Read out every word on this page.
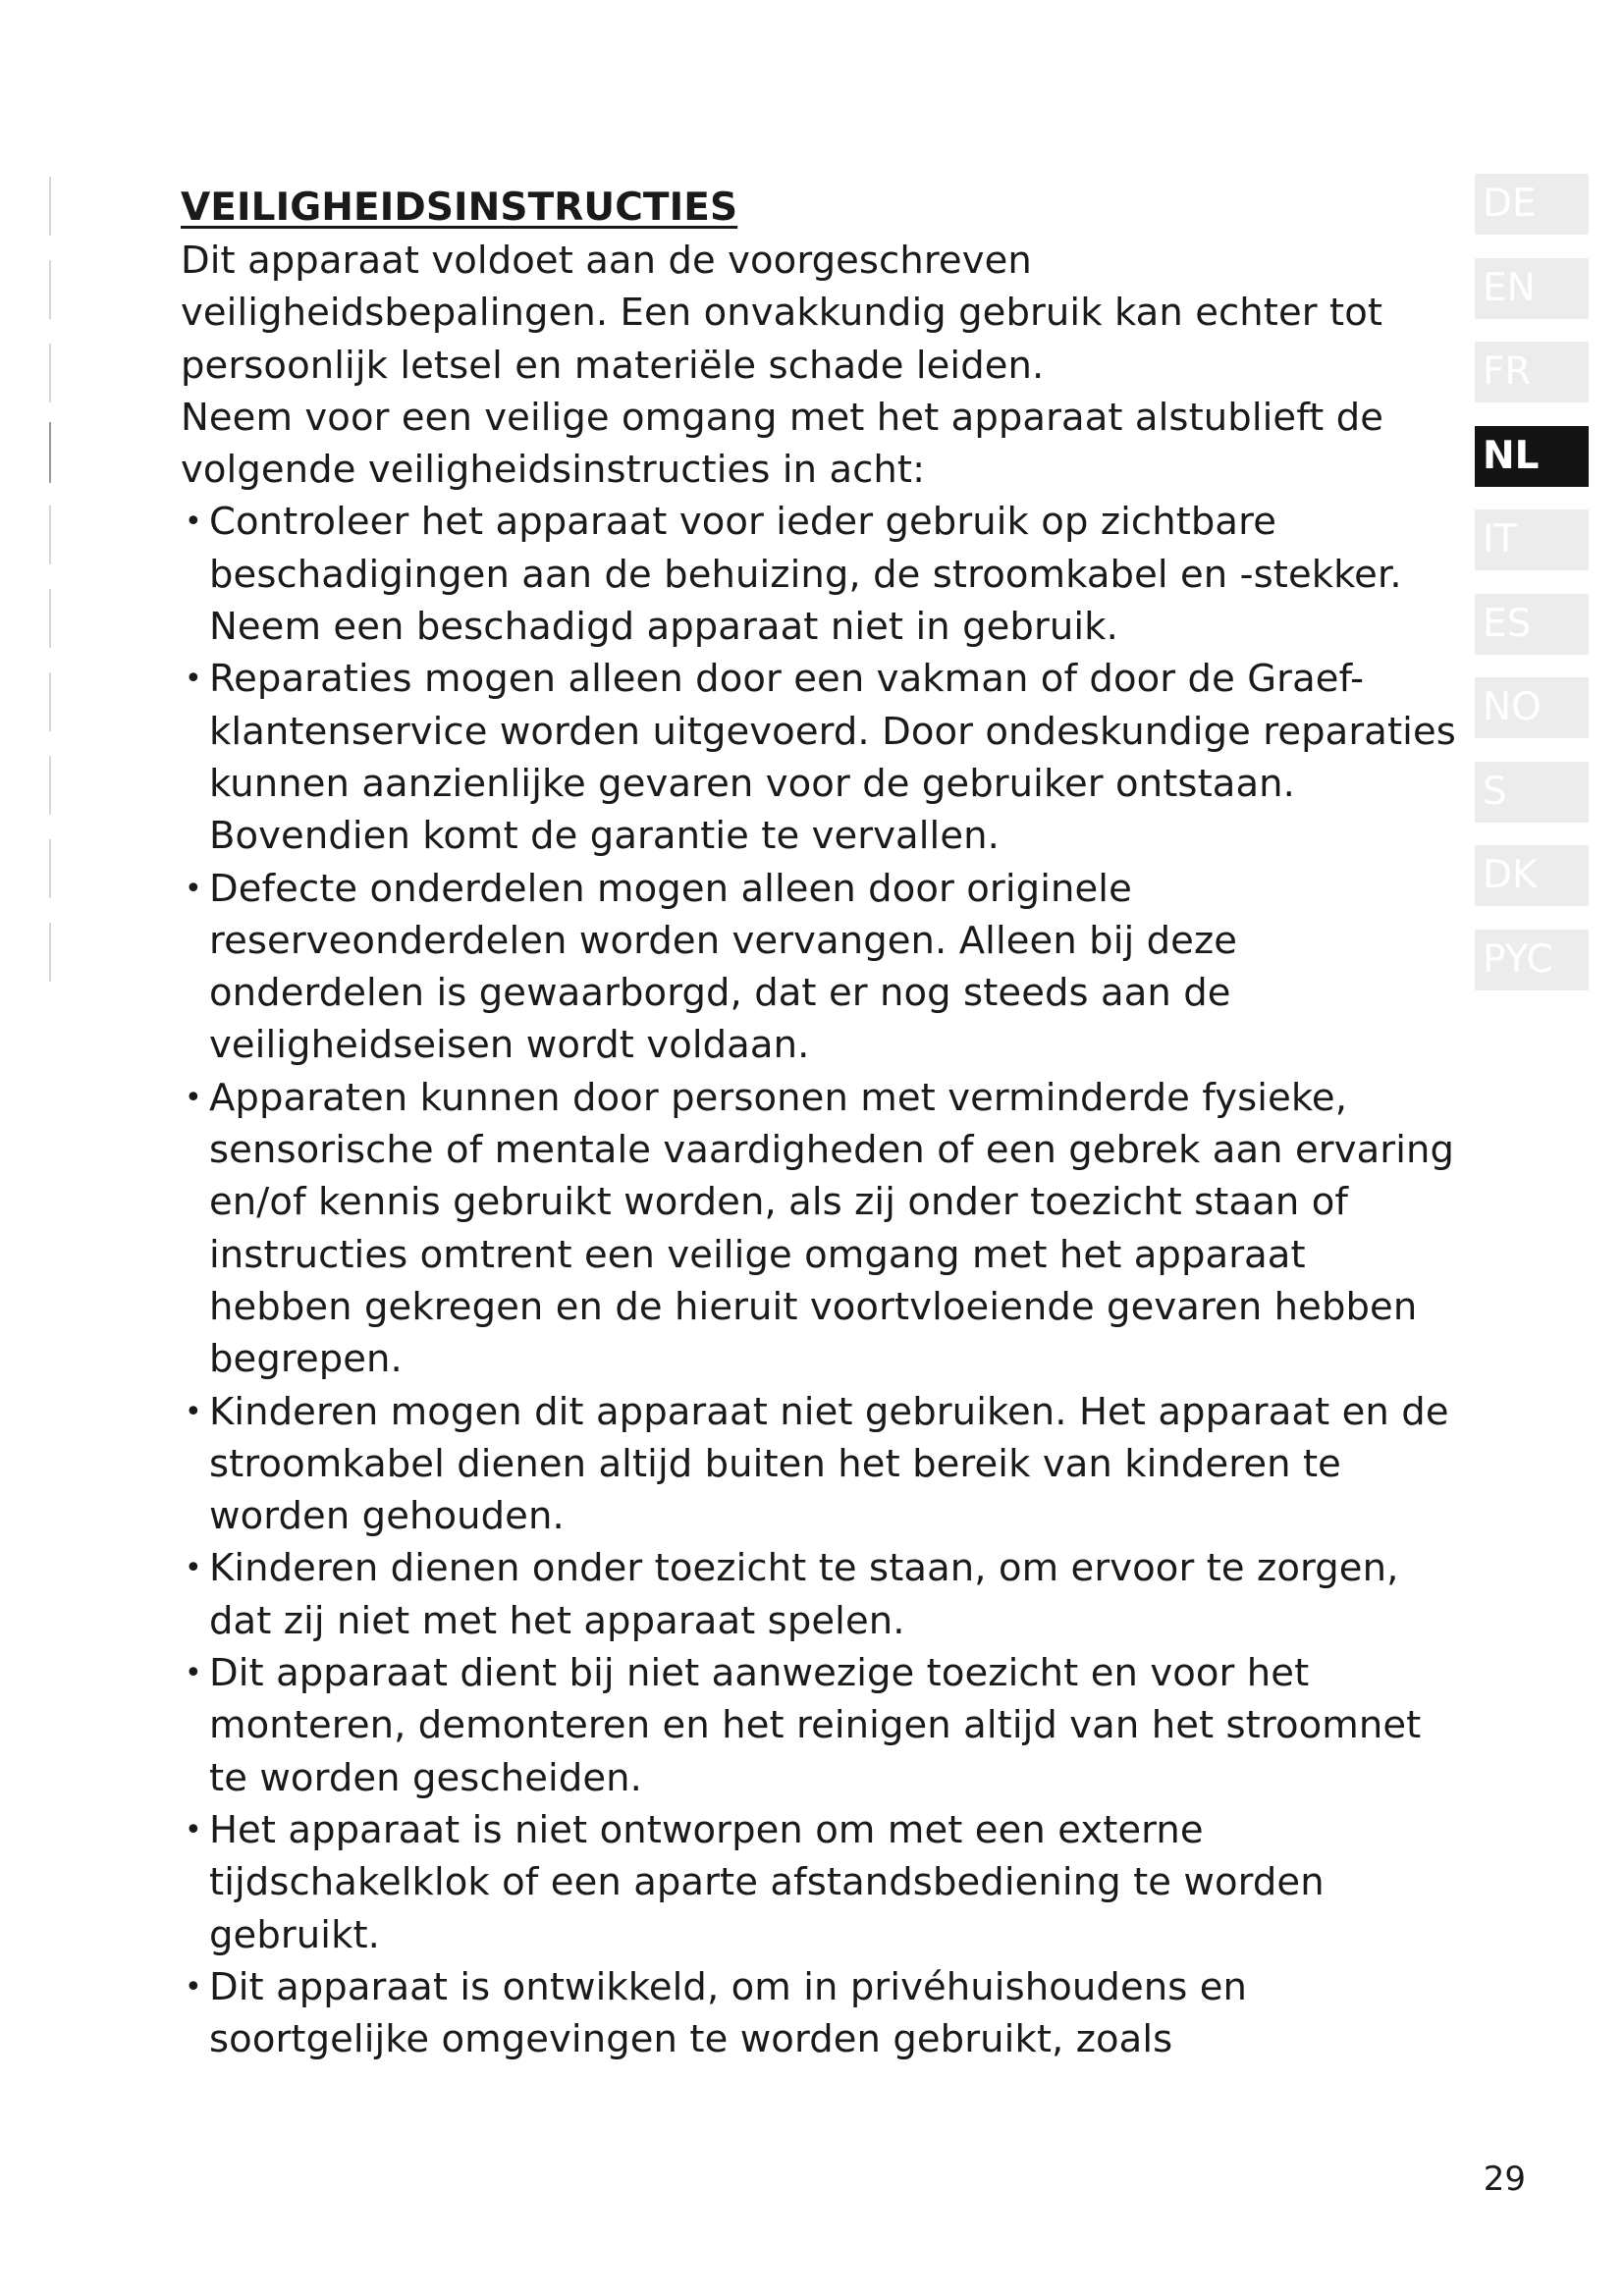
VEILIGHEIDSINSTRUCTIES

Dit apparaat voldoet aan de voorgeschreven veiligheidsbepalingen. Een onvakkundig gebruik kan echter tot persoonlijk letsel en materiële schade leiden.

Neem voor een veilige omgang met het apparaat alstublieft de volgende veiligheidsinstructies in acht:

• Controleer het apparaat voor ieder gebruik op zichtbare beschadigingen aan de behuizing, de stroomkabel en -stekker. Neem een beschadigd apparaat niet in gebruik.
• Reparaties mogen alleen door een vakman of door de Graef-klantenservice worden uitgevoerd. Door ondeskundige reparaties kunnen aanzienlijke gevaren voor de gebruiker ontstaan. Bovendien komt de garantie te vervallen.
• Defecte onderdelen mogen alleen door originele reserveonderdelen worden vervangen. Alleen bij deze onderdelen is gewaarborgd, dat er nog steeds aan de veiligheidseisen wordt voldaan.
• Apparaten kunnen door personen met verminderde fysieke, sensorische of mentale vaardigheden of een gebrek aan ervaring en/of kennis gebruikt worden, als zij onder toezicht staan of instructies omtrent een veilige omgang met het apparaat hebben gekregen en de hieruit voortvloeiende gevaren hebben begrepen.
• Kinderen mogen dit apparaat niet gebruiken. Het apparaat en de stroomkabel dienen altijd buiten het bereik van kinderen te worden gehouden.
• Kinderen dienen onder toezicht te staan, om ervoor te zorgen, dat zij niet met het apparaat spelen.
• Dit apparaat dient bij niet aanwezige toezicht en voor het monteren, demonteren en het reinigen altijd van het stroomnet te worden gescheiden.
• Het apparaat is niet ontworpen om met een externe tijdschakelklok of een aparte afstandsbediening te worden gebruikt.
• Dit apparaat is ontwikkeld, om in privéhuishoudens en soortgelijke omgevingen te worden gebruikt, zoals
DE
EN
FR
NL
IT
ES
NO
S
DK
PYC
29
